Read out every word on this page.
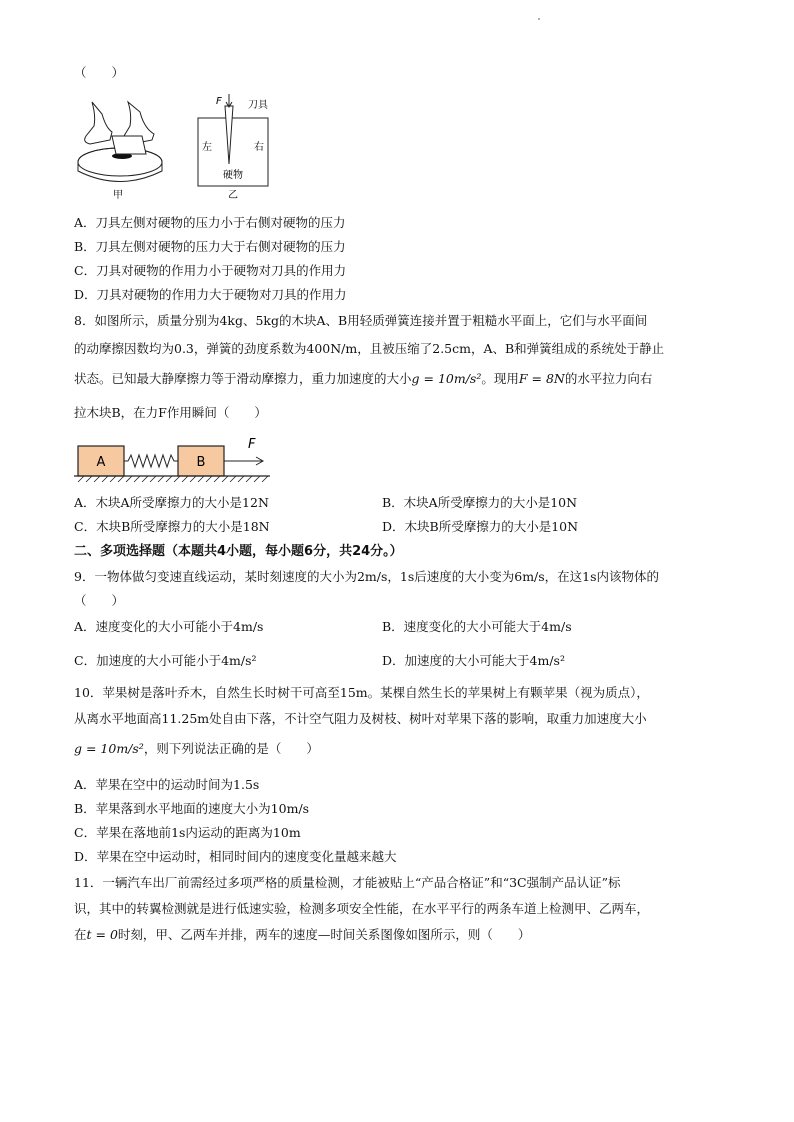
（　　）
甲
F	刀具
左	右
硬物
乙
A．刀具左侧对硬物的压力小于右侧对硬物的压力
B．刀具左侧对硬物的压力大于右侧对硬物的压力
C．刀具对硬物的作用力小于硬物对刀具的作用力
D．刀具对硬物的作用力大于硬物对刀具的作用力
8．如图所示，质量分别为4kg、5kg的木块A、B用轻质弹簧连接并置于粗糙水平面上，它们与水平面间
的动摩擦因数均为0.3，弹簧的劲度系数为400N/m，且被压缩了2.5cm，A、B和弹簧组成的系统处于静止
状态。已知最大静摩擦力等于滑动摩擦力，重力加速度的大小g = 10m/s²。现用F = 8N的水平拉力向右
拉木块B，在力F作用瞬间（　　）
A	B
F
A．木块A所受摩擦力的大小是12N	B．木块A所受摩擦力的大小是10N
C．木块B所受摩擦力的大小是18N	D．木块B所受摩擦力的大小是10N
二、多项选择题（本题共4小题，每小题6分，共24分。）
9．一物体做匀变速直线运动，某时刻速度的大小为2m/s，1s后速度的大小变为6m/s，在这1s内该物体的
（　　）
A．速度变化的大小可能小于4m/s	B．速度变化的大小可能大于4m/s
C．加速度的大小可能小于4m/s²	D．加速度的大小可能大于4m/s²
10．苹果树是落叶乔木，自然生长时树干可高至15m。某棵自然生长的苹果树上有颗苹果（视为质点），
从离水平地面高11.25m处自由下落，不计空气阻力及树枝、树叶对苹果下落的影响，取重力加速度大小
g = 10m/s²，则下列说法正确的是（　　）
A．苹果在空中的运动时间为1.5s
B．苹果落到水平地面的速度大小为10m/s
C．苹果在落地前1s内运动的距离为10m
D．苹果在空中运动时，相同时间内的速度变化量越来越大
11．一辆汽车出厂前需经过多项严格的质量检测，才能被贴上“产品合格证”和“3C强制产品认证”标
识，其中的转翼检测就是进行低速实验，检测多项安全性能，在水平平行的两条车道上检测甲、乙两车，
在t = 0时刻，甲、乙两车并排，两车的速度—时间关系图像如图所示，则（　　）
